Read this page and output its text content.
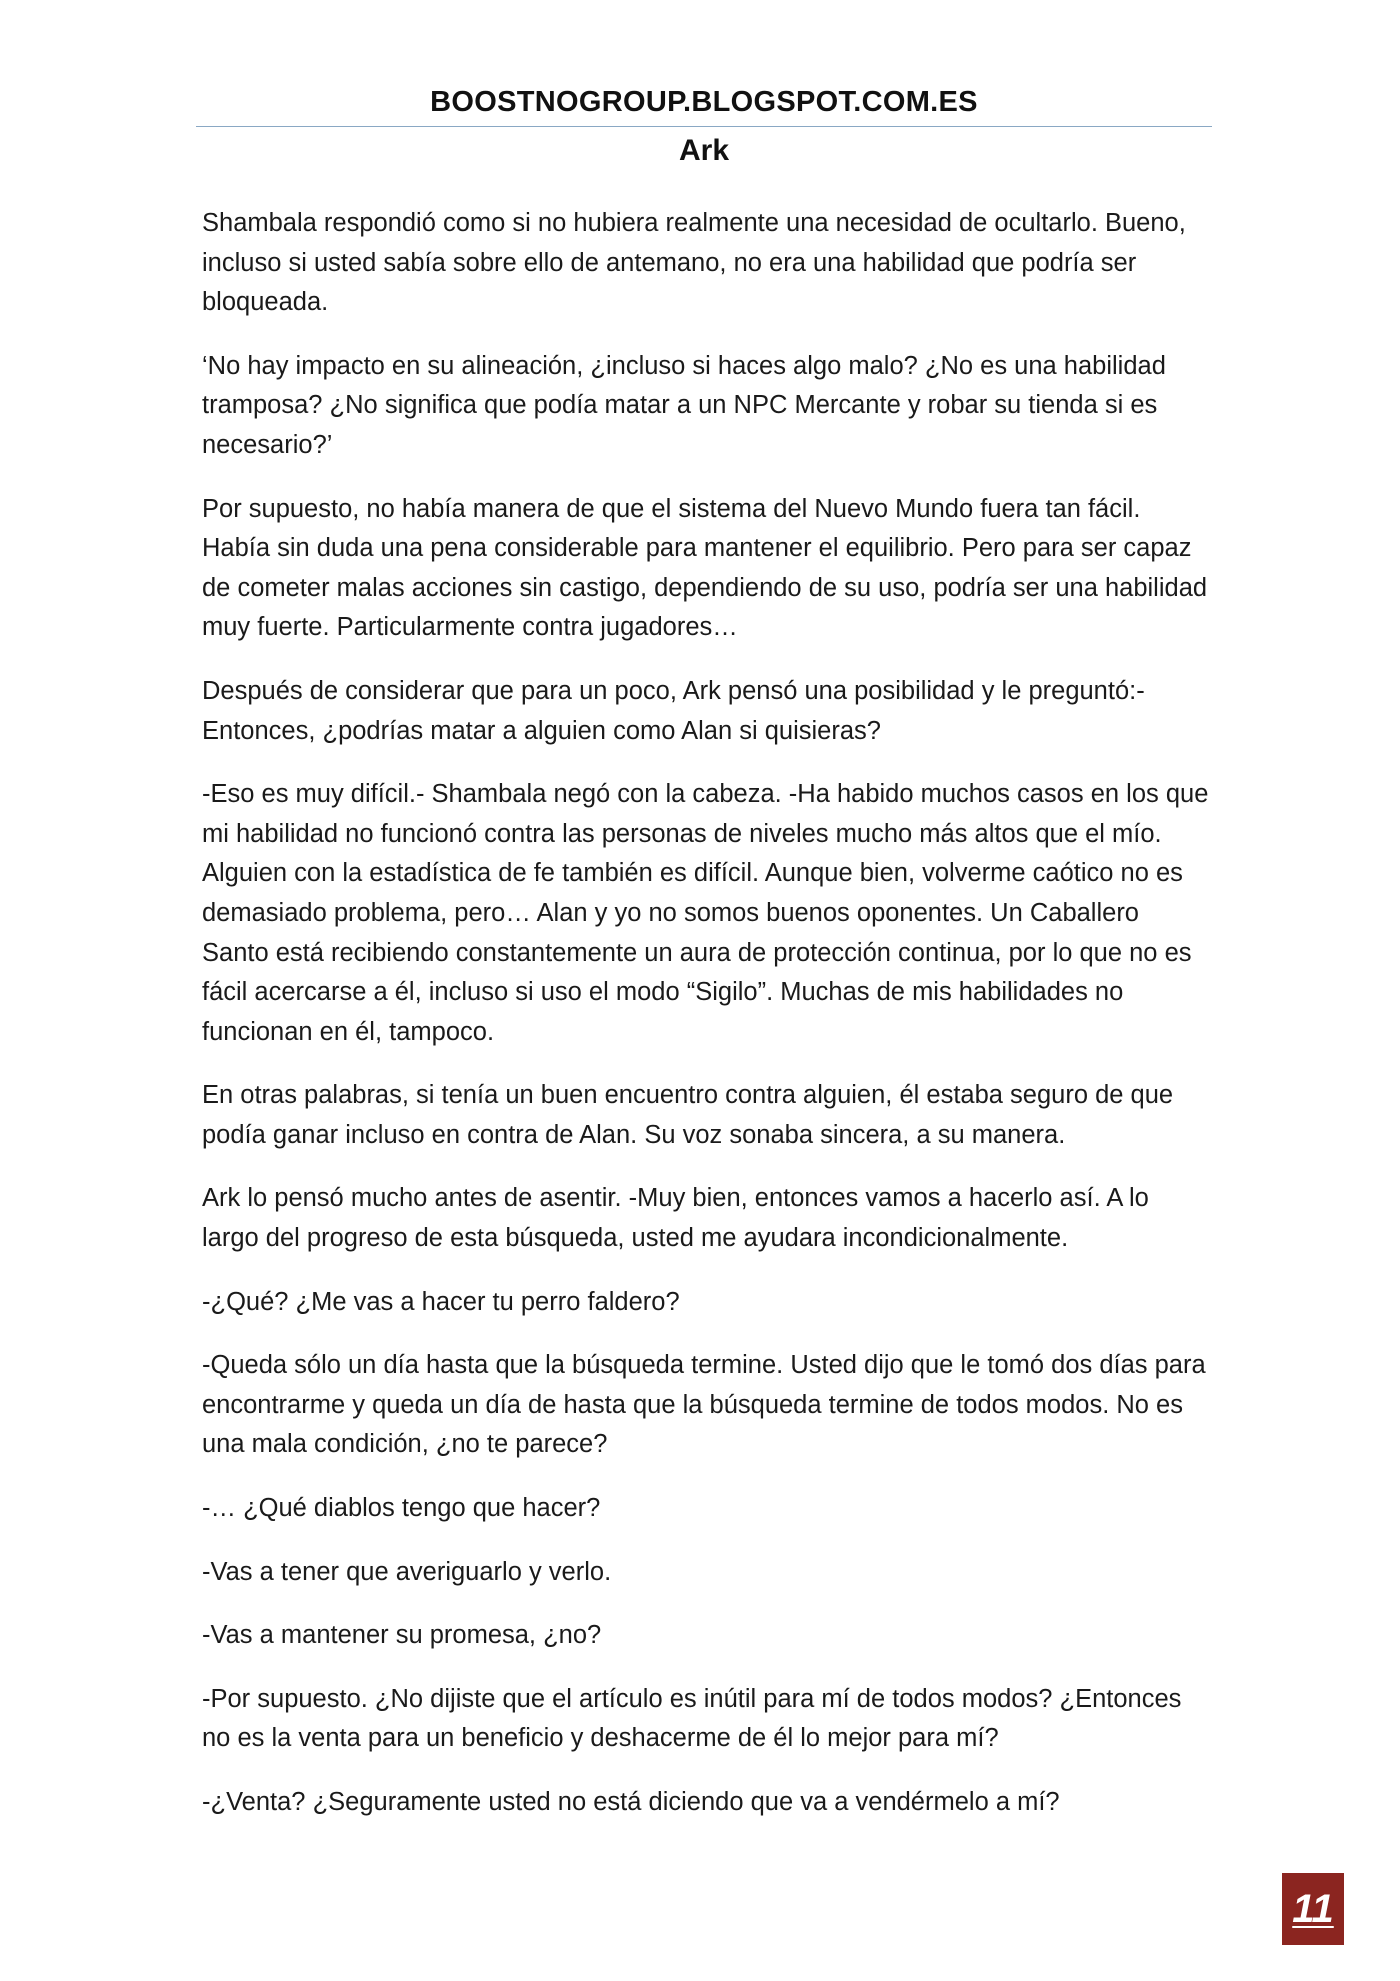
BOOSTNOGROUP.BLOGSPOT.COM.ES
Ark

Shambala respondió como si no hubiera realmente una necesidad de ocultarlo. Bueno, incluso si usted sabía sobre ello de antemano, no era una habilidad que podría ser bloqueada.

‘No hay impacto en su alineación, ¿incluso si haces algo malo? ¿No es una habilidad tramposa? ¿No significa que podía matar a un NPC Mercante y robar su tienda si es necesario?’

Por supuesto, no había manera de que el sistema del Nuevo Mundo fuera tan fácil. Había sin duda una pena considerable para mantener el equilibrio. Pero para ser capaz de cometer malas acciones sin castigo, dependiendo de su uso, podría ser una habilidad muy fuerte. Particularmente contra jugadores…

Después de considerar que para un poco, Ark pensó una posibilidad y le preguntó:- Entonces, ¿podrías matar a alguien como Alan si quisieras?

-Eso es muy difícil.- Shambala negó con la cabeza. -Ha habido muchos casos en los que mi habilidad no funcionó contra las personas de niveles mucho más altos que el mío. Alguien con la estadística de fe también es difícil. Aunque bien, volverme caótico no es demasiado problema, pero… Alan y yo no somos buenos oponentes. Un Caballero Santo está recibiendo constantemente un aura de protección continua, por lo que no es fácil acercarse a él, incluso si uso el modo “Sigilo”. Muchas de mis habilidades no funcionan en él, tampoco.

En otras palabras, si tenía un buen encuentro contra alguien, él estaba seguro de que podía ganar incluso en contra de Alan. Su voz sonaba sincera, a su manera.

Ark lo pensó mucho antes de asentir. -Muy bien, entonces vamos a hacerlo así. A lo largo del progreso de esta búsqueda, usted me ayudara incondicionalmente.

-¿Qué? ¿Me vas a hacer tu perro faldero?

-Queda sólo un día hasta que la búsqueda termine. Usted dijo que le tomó dos días para encontrarme y queda un día de hasta que la búsqueda termine de todos modos. No es una mala condición, ¿no te parece?

-… ¿Qué diablos tengo que hacer?

-Vas a tener que averiguarlo y verlo.

-Vas a mantener su promesa, ¿no?

-Por supuesto. ¿No dijiste que el artículo es inútil para mí de todos modos? ¿Entonces no es la venta para un beneficio y deshacerme de él lo mejor para mí?

-¿Venta? ¿Seguramente usted no está diciendo que va a vendérmelo a mí?

11
